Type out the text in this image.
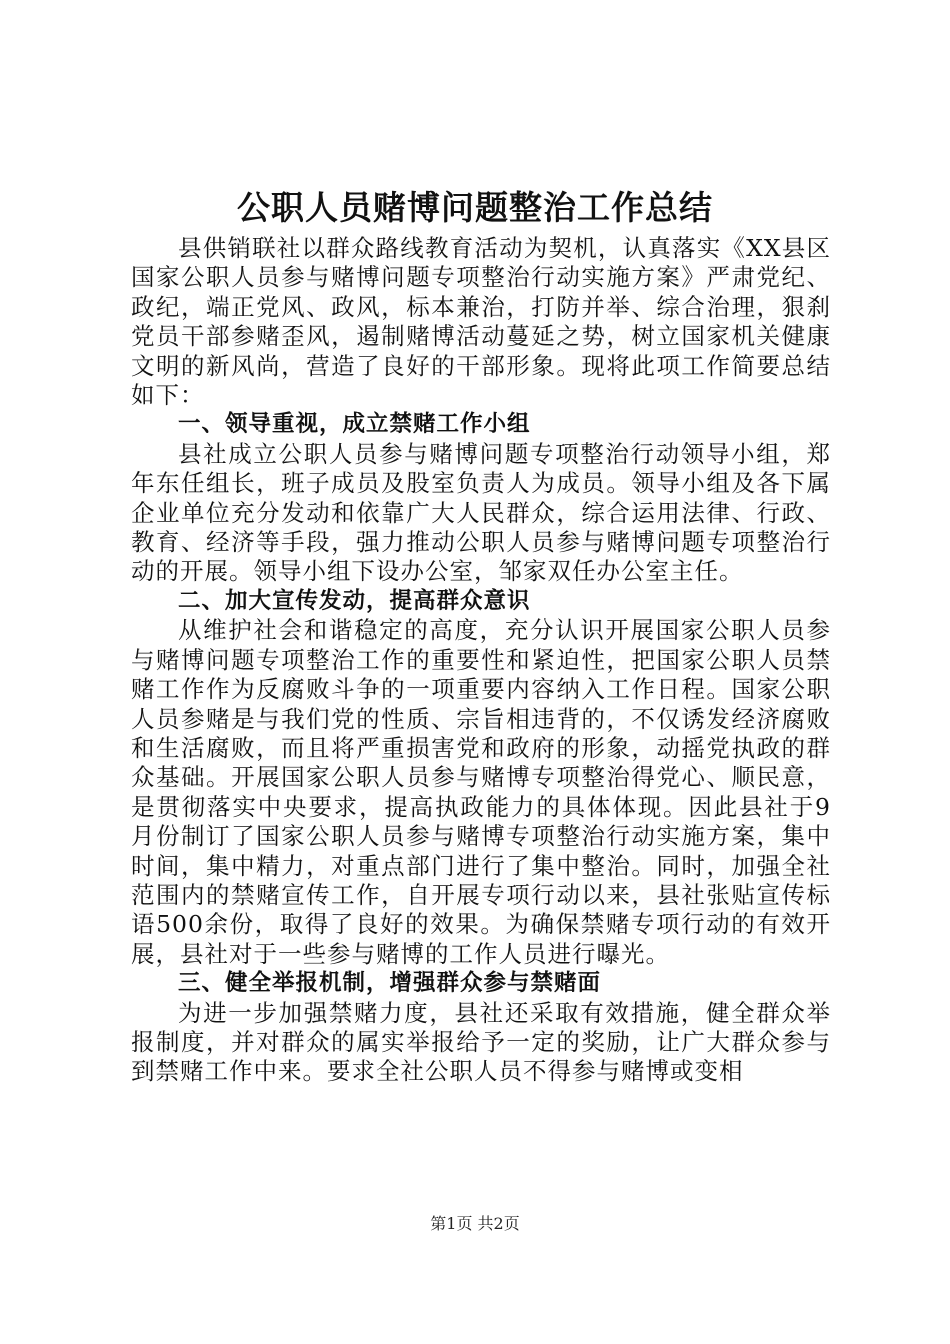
公职人员赌博问题整治工作总结

县供销联社以群众路线教育活动为契机，认真落实《XX县区国家公职人员参与赌博问题专项整治行动实施方案》严肃党纪、政纪，端正党风、政风，标本兼治，打防并举、综合治理，狠刹党员干部参赌歪风，遏制赌博活动蔓延之势，树立国家机关健康文明的新风尚，营造了良好的干部形象。现将此项工作简要总结如下：

一、领导重视，成立禁赌工作小组

县社成立公职人员参与赌博问题专项整治行动领导小组，郑年东任组长，班子成员及股室负责人为成员。领导小组及各下属企业单位充分发动和依靠广大人民群众，综合运用法律、行政、教育、经济等手段，强力推动公职人员参与赌博问题专项整治行动的开展。领导小组下设办公室，邹家双任办公室主任。

二、加大宣传发动，提高群众意识

从维护社会和谐稳定的高度，充分认识开展国家公职人员参与赌博问题专项整治工作的重要性和紧迫性，把国家公职人员禁赌工作作为反腐败斗争的一项重要内容纳入工作日程。国家公职人员参赌是与我们党的性质、宗旨相违背的，不仅诱发经济腐败和生活腐败，而且将严重损害党和政府的形象，动摇党执政的群众基础。开展国家公职人员参与赌博专项整治得党心、顺民意，是贯彻落实中央要求，提高执政能力的具体体现。因此县社于9月份制订了国家公职人员参与赌博专项整治行动实施方案，集中时间，集中精力，对重点部门进行了集中整治。同时，加强全社范围内的禁赌宣传工作，自开展专项行动以来，县社张贴宣传标语500余份，取得了良好的效果。为确保禁赌专项行动的有效开展，县社对于一些参与赌博的工作人员进行曝光。

三、健全举报机制，增强群众参与禁赌面

为进一步加强禁赌力度，县社还采取有效措施，健全群众举报制度，并对群众的属实举报给予一定的奖励，让广大群众参与到禁赌工作中来。要求全社公职人员不得参与赌博或变相

第1页 共2页
